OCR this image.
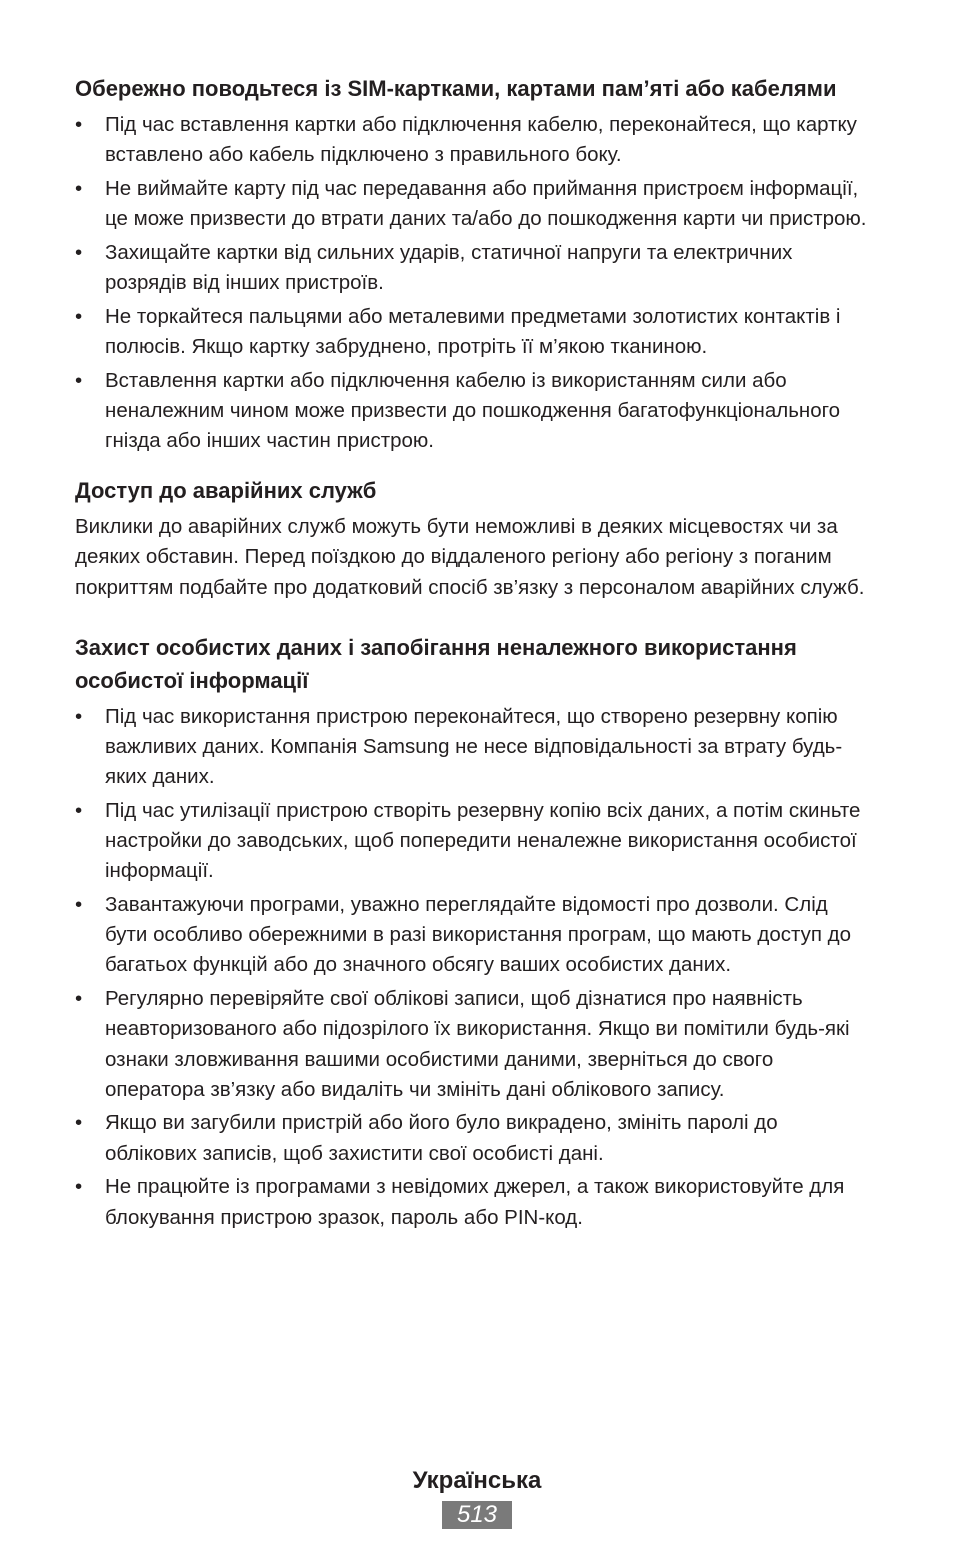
Обережно поводьтеся із SIM-картками, картами пам’яті або кабелями
• Під час вставлення картки або підключення кабелю, переконайтеся, що картку вставлено або кабель підключено з правильного боку.
• Не виймайте карту під час передавання або приймання пристроєм інформації, це може призвести до втрати даних та/або до пошкодження карти чи пристрою.
• Захищайте картки від сильних ударів, статичної напруги та електричних розрядів від інших пристроїв.
• Не торкайтеся пальцями або металевими предметами золотистих контактів і полюсів. Якщо картку забруднено, протріть її м’якою тканиною.
• Вставлення картки або підключення кабелю із використанням сили або неналежним чином може призвести до пошкодження багатофункціонального гнізда або інших частин пристрою.
Доступ до аварійних служб

Виклики до аварійних служб можуть бути неможливі в деяких місцевостях чи за деяких обставин. Перед поїздкою до віддаленого регіону або регіону з поганим покриттям подбайте про додатковий спосіб зв’язку з персоналом аварійних служб.

Захист особистих даних і запобігання неналежного використання особистої інформації
• Під час використання пристрою переконайтеся, що створено резервну копію важливих даних. Компанія Samsung не несе відповідальності за втрату будь-яких даних.
• Під час утилізації пристрою створіть резервну копію всіх даних, а потім скиньте настройки до заводських, щоб попередити неналежне використання особистої інформації.
• Завантажуючи програми, уважно переглядайте відомості про дозволи. Слід бути особливо обережними в разі використання програм, що мають доступ до багатьох функцій або до значного обсягу ваших особистих даних.
• Регулярно перевіряйте свої облікові записи, щоб дізнатися про наявність неавторизованого або підозрілого їх використання. Якщо ви помітили будь-які ознаки зловживання вашими особистими даними, зверніться до свого оператора зв’язку або видаліть чи змініть дані облікового запису.
• Якщо ви загубили пристрій або його було викрадено, змініть паролі до облікових записів, щоб захистити свої особисті дані.
• Не працюйте із програмами з невідомих джерел, а також використовуйте для блокування пристрою зразок, пароль або PIN-код.
Українська
513
